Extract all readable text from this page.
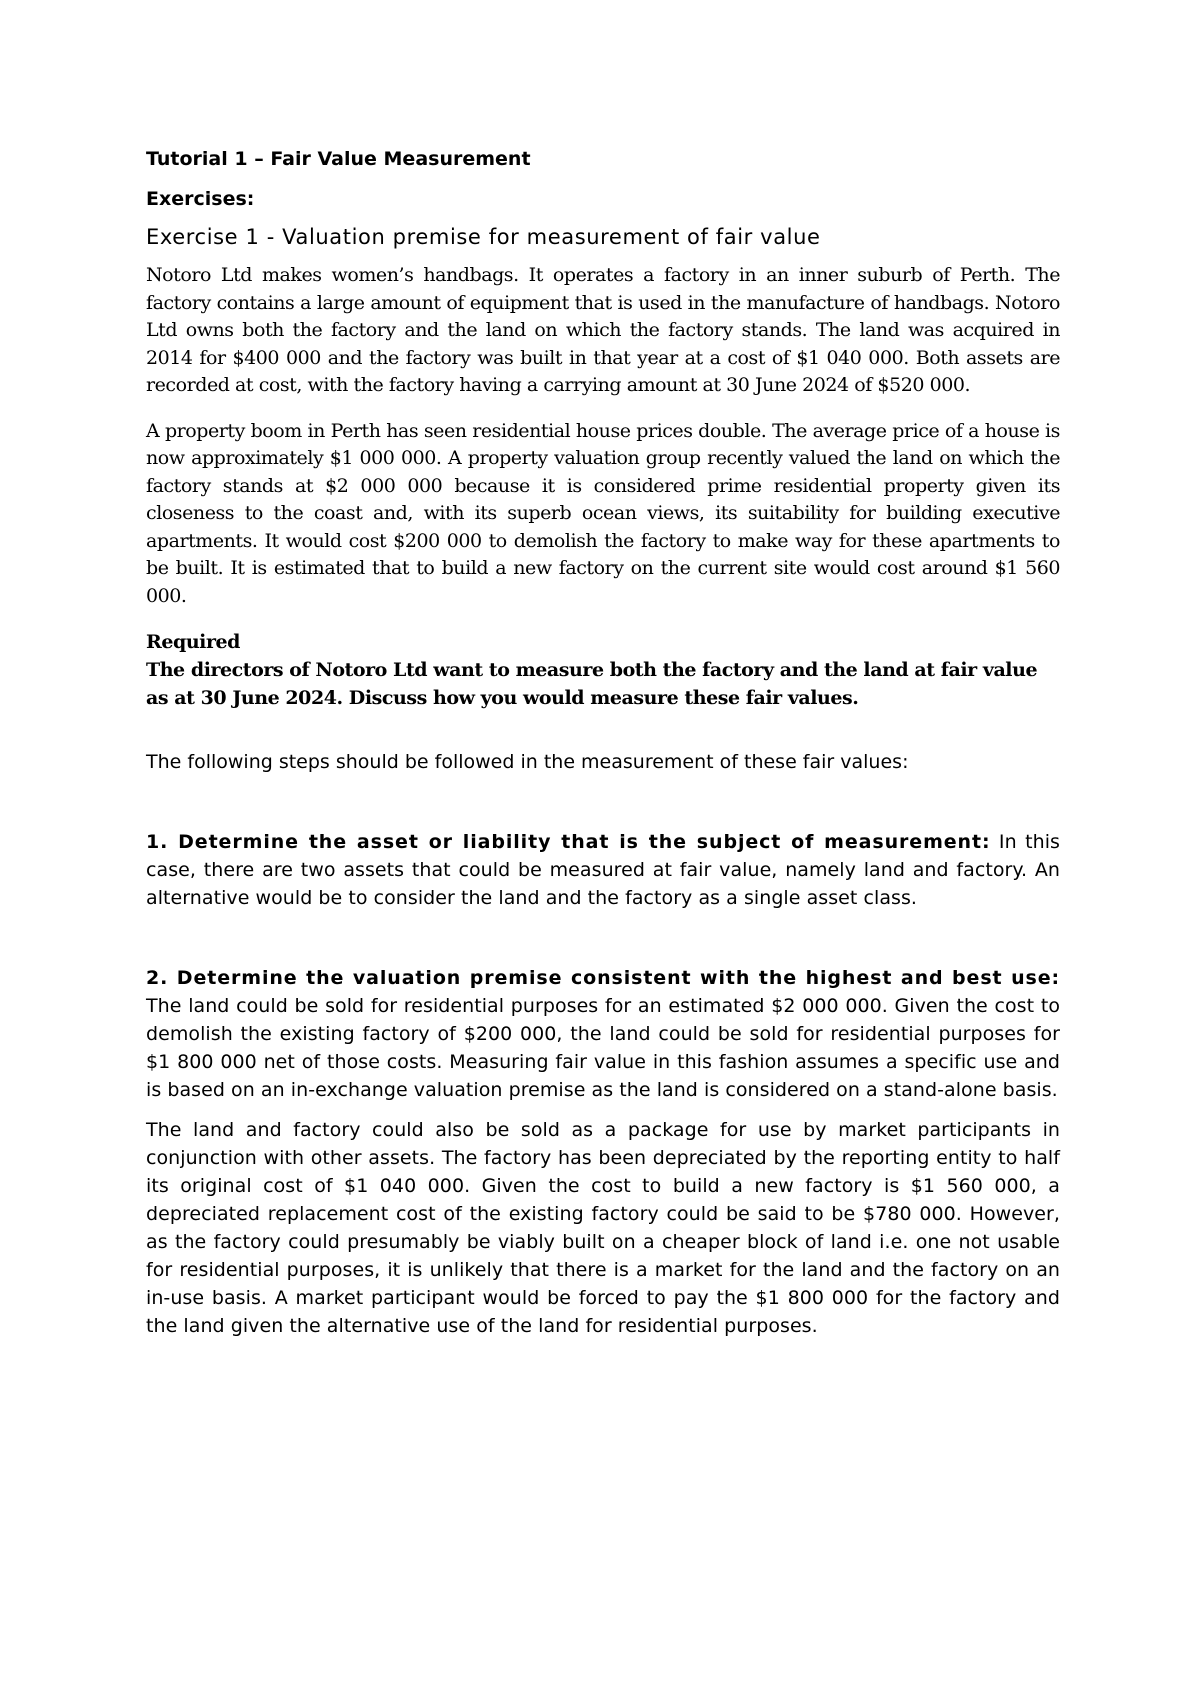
Tutorial 1 – Fair Value Measurement
Exercises:
Exercise 1 - Valuation premise for measurement of fair value

Notoro Ltd makes women’s handbags. It operates a factory in an inner suburb of Perth. The factory contains a large amount of equipment that is used in the manufacture of handbags. Notoro Ltd owns both the factory and the land on which the factory stands. The land was acquired in 2014 for $400 000 and the factory was built in that year at a cost of $1 040 000. Both assets are recorded at cost, with the factory having a carrying amount at 30 June 2024 of $520 000.

A property boom in Perth has seen residential house prices double. The average price of a house is now approximately $1 000 000. A property valuation group recently valued the land on which the factory stands at $2 000 000 because it is considered prime residential property given its closeness to the coast and, with its superb ocean views, its suitability for building executive apartments. It would cost $200 000 to demolish the factory to make way for these apartments to be built. It is estimated that to build a new factory on the current site would cost around $1 560 000.

Required
The directors of Notoro Ltd want to measure both the factory and the land at fair value as at 30 June 2024. Discuss how you would measure these fair values.

The following steps should be followed in the measurement of these fair values:

1. Determine the asset or liability that is the subject of measurement: In this case, there are two assets that could be measured at fair value, namely land and factory. An alternative would be to consider the land and the factory as a single asset class.

2. Determine the valuation premise consistent with the highest and best use: The land could be sold for residential purposes for an estimated $2 000 000. Given the cost to demolish the existing factory of $200 000, the land could be sold for residential purposes for $1 800 000 net of those costs. Measuring fair value in this fashion assumes a specific use and is based on an in-exchange valuation premise as the land is considered on a stand-alone basis.

The land and factory could also be sold as a package for use by market participants in conjunction with other assets. The factory has been depreciated by the reporting entity to half its original cost of $1 040 000. Given the cost to build a new factory is $1 560 000, a depreciated replacement cost of the existing factory could be said to be $780 000. However, as the factory could presumably be viably built on a cheaper block of land i.e. one not usable for residential purposes, it is unlikely that there is a market for the land and the factory on an in-use basis. A market participant would be forced to pay the $1 800 000 for the factory and the land given the alternative use of the land for residential purposes.
